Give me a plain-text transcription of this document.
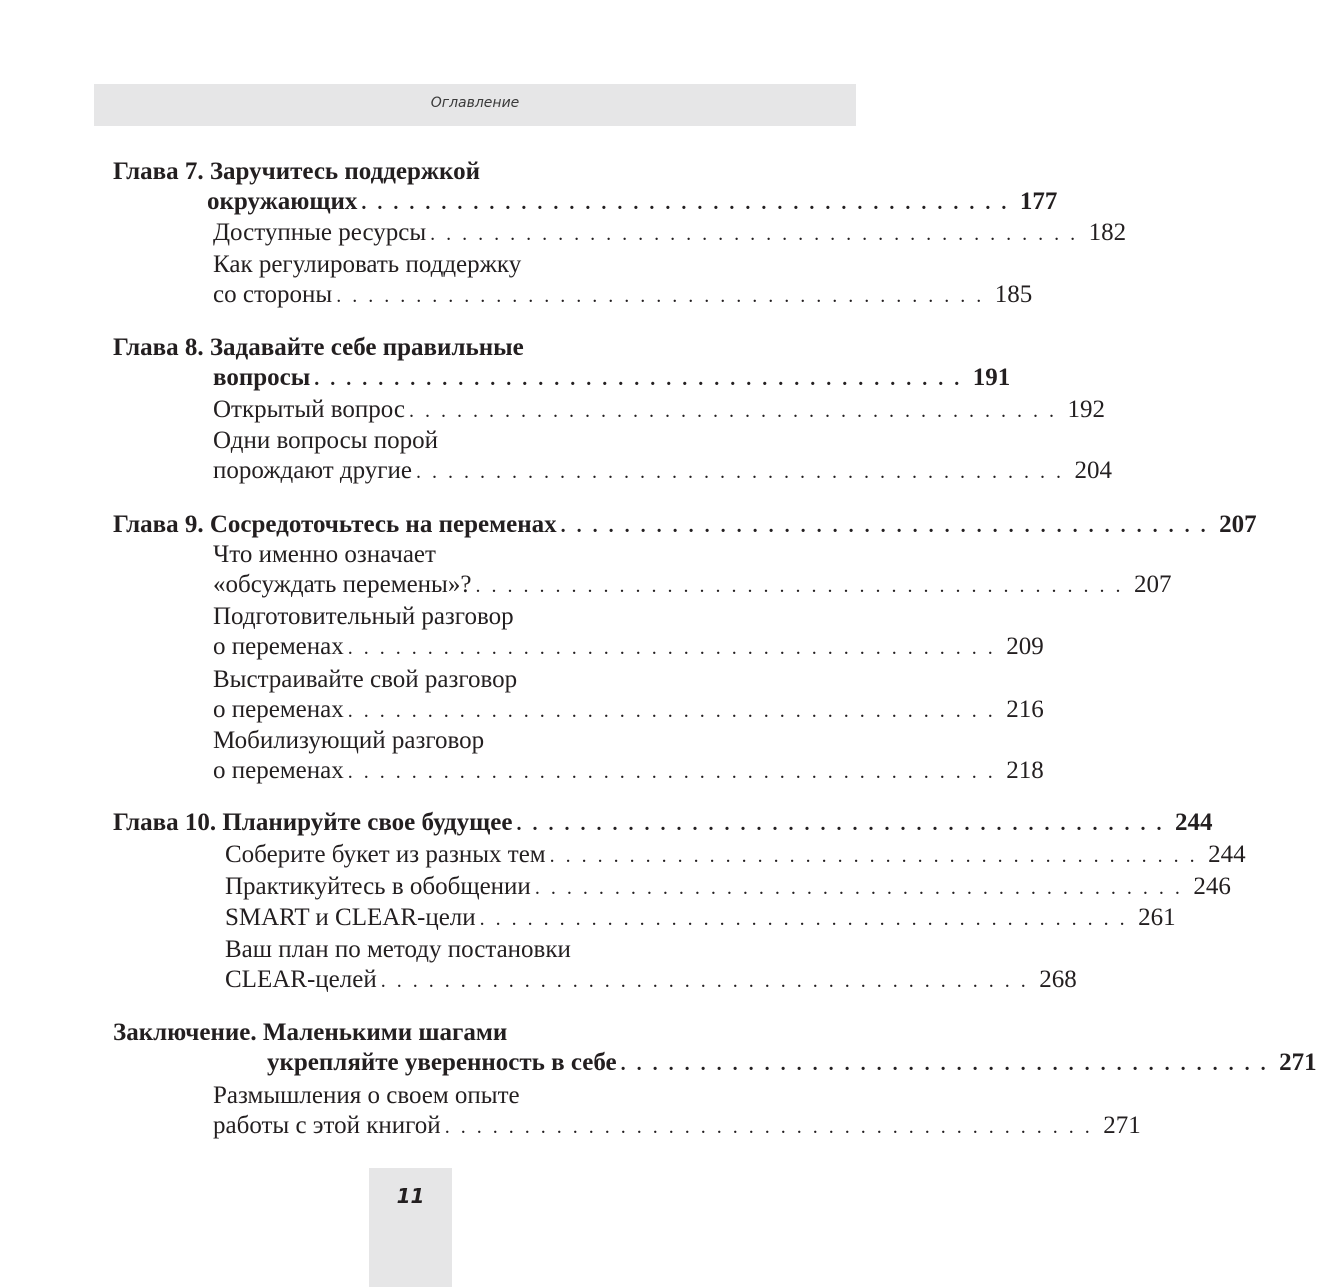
Оглавление
Глава 7. Заручитесь поддержкой
окружающих . . . . . . . . . . . . . . . . . . . . . . . . . . . . . . . . . . . . . . . . . 177
Доступные ресурсы . . . . . . . . . . . . . . . . . . . . . . . . . . . . . . . . . . . . . . . . . 182
Как регулировать поддержку
со стороны . . . . . . . . . . . . . . . . . . . . . . . . . . . . . . . . . . . . . . . . . 185
Глава 8. Задавайте себе правильные
вопросы . . . . . . . . . . . . . . . . . . . . . . . . . . . . . . . . . . . . . . . . . 191
Открытый вопрос . . . . . . . . . . . . . . . . . . . . . . . . . . . . . . . . . . . . . . . . . 192
Одни вопросы порой
порождают другие . . . . . . . . . . . . . . . . . . . . . . . . . . . . . . . . . . . . . . . . . 204
Глава 9. Сосредоточьтесь на переменах . . . . . . . . . . . . . . . . . . . . . . . . . . . . . . . . . . . . . . . . . 207
Что именно означает
«обсуждать перемены»? . . . . . . . . . . . . . . . . . . . . . . . . . . . . . . . . . . . . . . . . . 207
Подготовительный разговор
о переменах . . . . . . . . . . . . . . . . . . . . . . . . . . . . . . . . . . . . . . . . . 209
Выстраивайте свой разговор
о переменах . . . . . . . . . . . . . . . . . . . . . . . . . . . . . . . . . . . . . . . . . 216
Мобилизующий разговор
о переменах . . . . . . . . . . . . . . . . . . . . . . . . . . . . . . . . . . . . . . . . . 218
Глава 10. Планируйте свое будущее . . . . . . . . . . . . . . . . . . . . . . . . . . . . . . . . . . . . . . . . . 244
Соберите букет из разных тем . . . . . . . . . . . . . . . . . . . . . . . . . . . . . . . . . . . . . . . . . 244
Практикуйтесь в обобщении . . . . . . . . . . . . . . . . . . . . . . . . . . . . . . . . . . . . . . . . . 246
SMART и CLEAR-цели . . . . . . . . . . . . . . . . . . . . . . . . . . . . . . . . . . . . . . . . . 261
Ваш план по методу постановки
CLEAR-целей . . . . . . . . . . . . . . . . . . . . . . . . . . . . . . . . . . . . . . . . . 268
Заключение. Маленькими шагами
укрепляйте уверенность в себе . . . . . . . . . . . . . . . . . . . . . . . . . . . . . . . . . . . . . . . . . 271
Размышления о своем опыте
работы с этой книгой . . . . . . . . . . . . . . . . . . . . . . . . . . . . . . . . . . . . . . . . . 271
11
